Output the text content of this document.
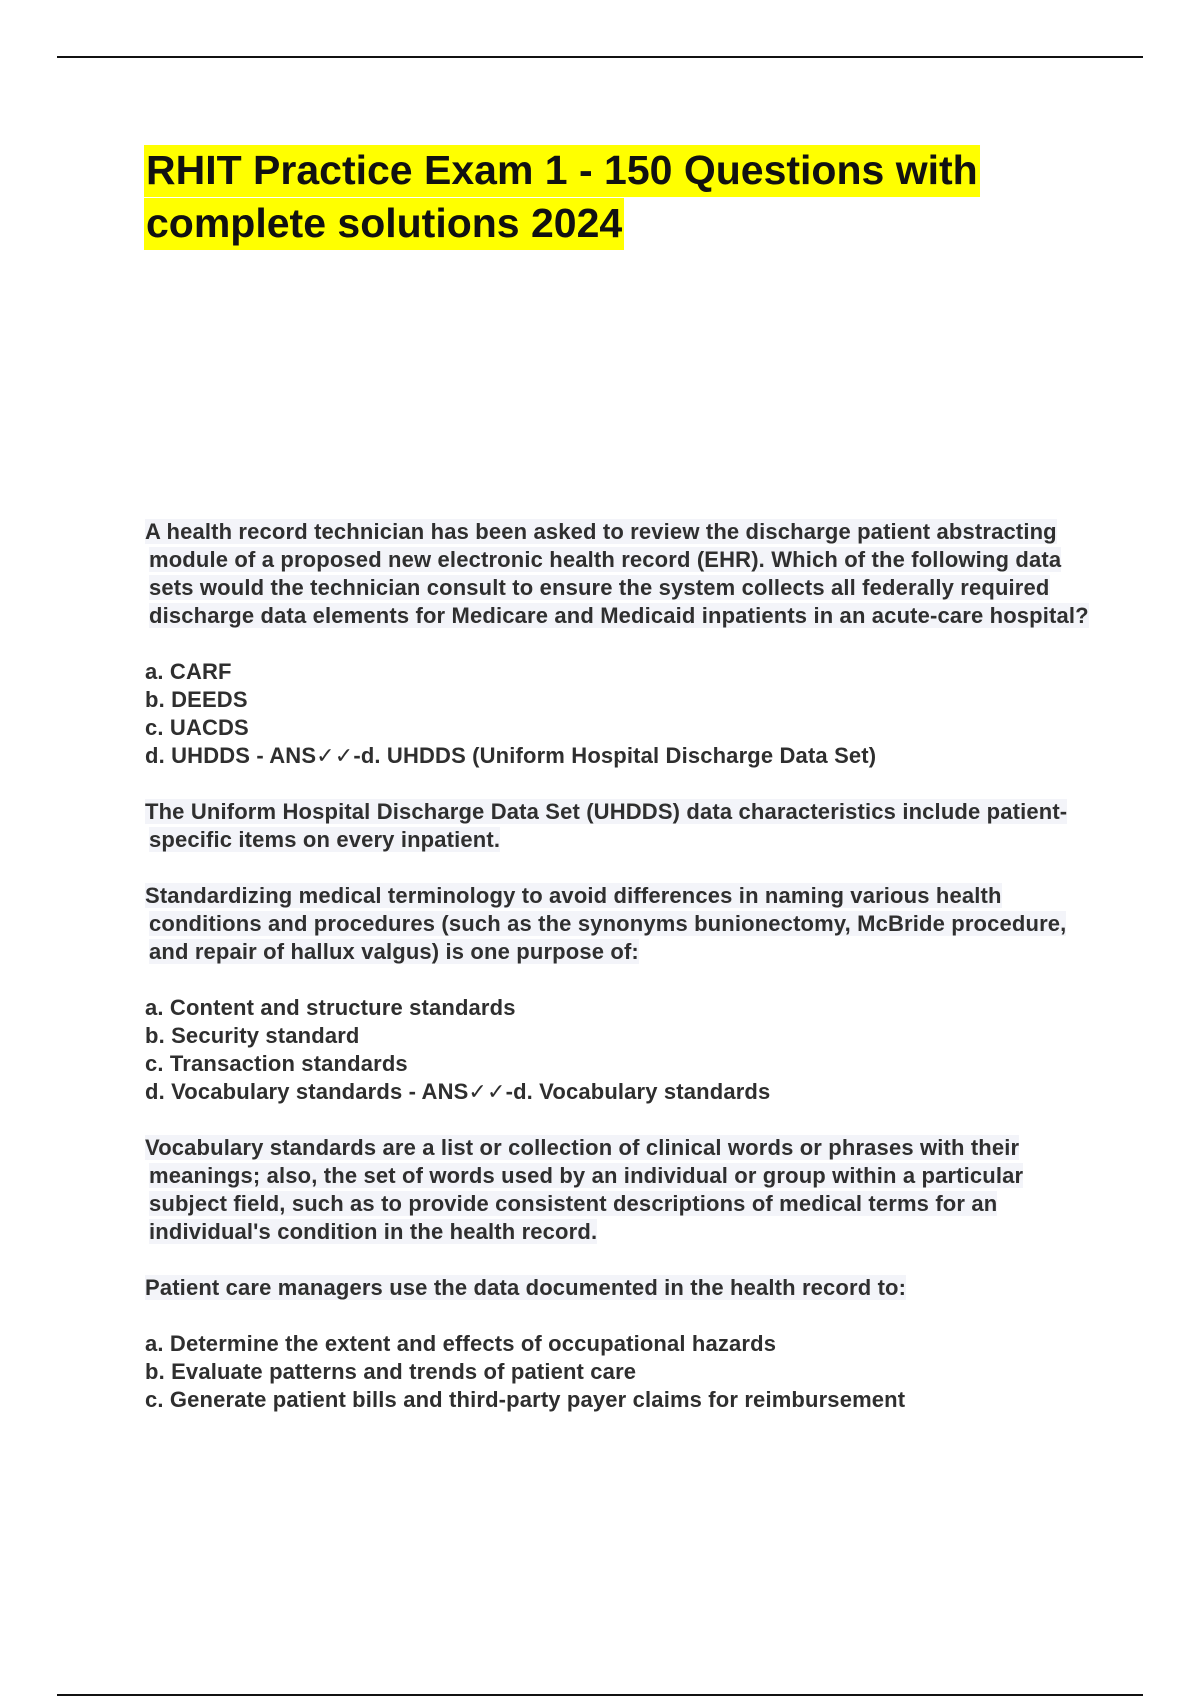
RHIT Practice Exam 1 - 150 Questions with complete solutions 2024
A health record technician has been asked to review the discharge patient abstracting module of a proposed new electronic health record (EHR). Which of the following data sets would the technician consult to ensure the system collects all federally required discharge data elements for Medicare and Medicaid inpatients in an acute-care hospital?
a. CARF
b. DEEDS
c. UACDS
d. UHDDS - ANS✓✓-d. UHDDS (Uniform Hospital Discharge Data Set)
The Uniform Hospital Discharge Data Set (UHDDS) data characteristics include patient-specific items on every inpatient.
Standardizing medical terminology to avoid differences in naming various health conditions and procedures (such as the synonyms bunionectomy, McBride procedure, and repair of hallux valgus) is one purpose of:
a. Content and structure standards
b. Security standard
c. Transaction standards
d. Vocabulary standards - ANS✓✓-d. Vocabulary standards
Vocabulary standards are a list or collection of clinical words or phrases with their meanings; also, the set of words used by an individual or group within a particular subject field, such as to provide consistent descriptions of medical terms for an individual's condition in the health record.
Patient care managers use the data documented in the health record to:
a. Determine the extent and effects of occupational hazards
b. Evaluate patterns and trends of patient care
c. Generate patient bills and third-party payer claims for reimbursement
